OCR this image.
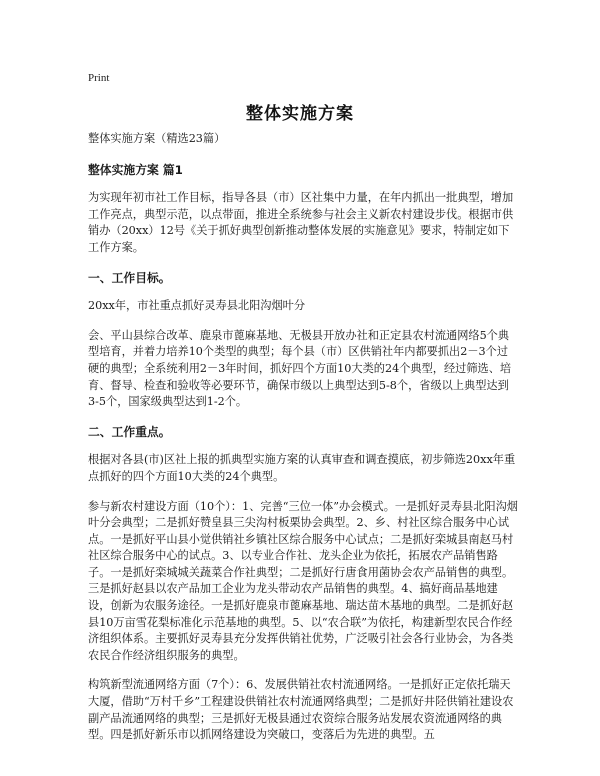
Print
整体实施方案

整体实施方案（精选23篇）

整体实施方案 篇1

为实现年初市社工作目标，指导各县（市）区社集中力量，在年内抓出一批典型，增加工作亮点，典型示范，以点带面，推进全系统参与社会主义新农村建设步伐。根据市供销办（20xx）12号《关于抓好典型创新推动整体发展的实施意见》要求，特制定如下工作方案。

一、工作目标。

20xx年，市社重点抓好灵寿县北阳沟烟叶分

会、平山县综合改革、鹿泉市蓖麻基地、无极县开放办社和正定县农村流通网络5个典型培育，并着力培养10个类型的典型；每个县（市）区供销社年内都要抓出2－3个过硬的典型；全系统利用2－3年时间，抓好四个方面10大类的24个典型，经过筛选、培育、督导、检查和验收等必要环节，确保市级以上典型达到5-8个，省级以上典型达到3-5个，国家级典型达到1-2个。

二、工作重点。

根据对各县(市)区社上报的抓典型实施方案的认真审查和调查摸底，初步筛选20xx年重点抓好的四个方面10大类的24个典型。

参与新农村建设方面（10个）：1、完善“三位一体”办会模式。一是抓好灵寿县北阳沟烟叶分会典型；二是抓好赞皇县三尖沟村板栗协会典型。2、乡、村社区综合服务中心试点。一是抓好平山县小觉供销社乡镇社区综合服务中心试点；二是抓好栾城县南赵马村社区综合服务中心的试点。3、以专业合作社、龙头企业为依托，拓展农产品销售路子。一是抓好栾城城关蔬菜合作社典型；二是抓好行唐食用菌协会农产品销售的典型。三是抓好赵县以农产品加工企业为龙头带动农产品销售的典型。4、搞好商品基地建设，创新为农服务途径。一是抓好鹿泉市蓖麻基地、瑞达苗木基地的典型。二是抓好赵县10万亩雪花梨标准化示范基地的典型。5、以“农合联”为依托，构建新型农民合作经济组织体系。主要抓好灵寿县充分发挥供销社优势，广泛吸引社会各行业协会，为各类农民合作经济组织服务的典型。

构筑新型流通网络方面（7个）：6、发展供销社农村流通网络。一是抓好正定依托瑞天大厦，借助“万村千乡”工程建设供销社农村流通网络典型；二是抓好井陉供销社建设农副产品流通网络的典型；三是抓好无极县通过农资综合服务站发展农资流通网络的典型。四是抓好新乐市以抓网络建设为突破口，变落后为先进的典型。五
